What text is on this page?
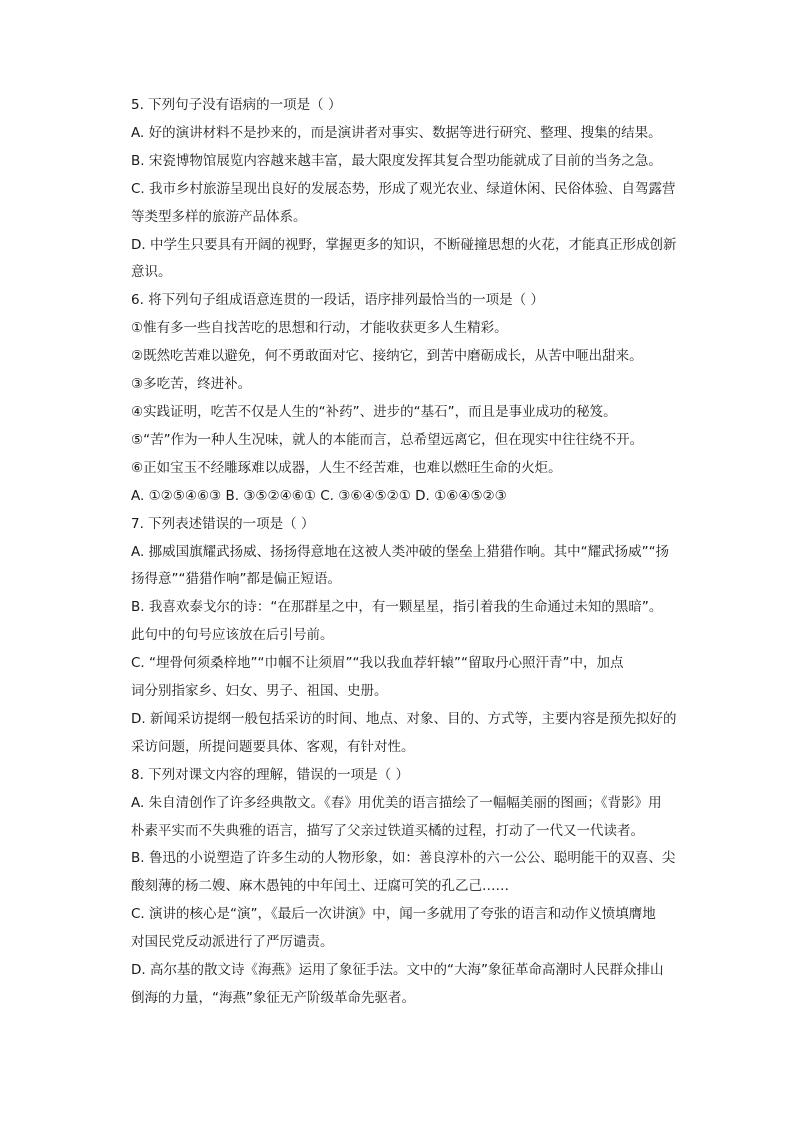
5. 下列句子没有语病的一项是（ ）
A. 好的演讲材料不是抄来的，而是演讲者对事实、数据等进行研究、整理、搜集的结果。
B. 宋瓷博物馆展览内容越来越丰富，最大限度发挥其复合型功能就成了目前的当务之急。
C. 我市乡村旅游呈现出良好的发展态势，形成了观光农业、绿道休闲、民俗体验、自驾露营
等类型多样的旅游产品体系。
D. 中学生只要具有开阔的视野，掌握更多的知识，不断碰撞思想的火花，才能真正形成创新
意识。
6. 将下列句子组成语意连贯的一段话，语序排列最恰当的一项是（ ）
①惟有多一些自找苦吃的思想和行动，才能收获更多人生精彩。
②既然吃苦难以避免，何不勇敢面对它、接纳它，到苦中磨砺成长，从苦中咂出甜来。
③多吃苦，终进补。
④实践证明，吃苦不仅是人生的“补药”、进步的“基石”，而且是事业成功的秘笈。
⑤“苦”作为一种人生况味，就人的本能而言，总希望远离它，但在现实中往往绕不开。
⑥正如宝玉不经雕琢难以成器，人生不经苦难，也难以燃旺生命的火炬。
A. ①②⑤④⑥③ B. ③⑤②④⑥① C. ③⑥④⑤②① D. ①⑥④⑤②③
7. 下列表述错误的一项是（ ）
A. 挪威国旗耀武扬威、扬扬得意地在这被人类冲破的堡垒上猎猎作响。其中“耀武扬威”“扬
扬得意”“猎猎作响”都是偏正短语。
B. 我喜欢泰戈尔的诗：“在那群星之中，有一颗星星，指引着我的生命通过未知的黑暗”。
此句中的句号应该放在后引号前。
C. “埋骨何须桑梓地”“巾帼不让须眉”“我以我血荐轩辕”“留取丹心照汗青”中，加点
词分别指家乡、妇女、男子、祖国、史册。
D. 新闻采访提纲一般包括采访的时间、地点、对象、目的、方式等，主要内容是预先拟好的
采访问题，所提问题要具体、客观，有针对性。
8. 下列对课文内容的理解，错误的一项是（ ）
A. 朱自清创作了许多经典散文。《春》用优美的语言描绘了一幅幅美丽的图画；《背影》用
朴素平实而不失典雅的语言，描写了父亲过铁道买橘的过程，打动了一代又一代读者。
B. 鲁迅的小说塑造了许多生动的人物形象，如：善良淳朴的六一公公、聪明能干的双喜、尖
酸刻薄的杨二嫂、麻木愚钝的中年闰土、迂腐可笑的孔乙己……
C. 演讲的核心是“演”，《最后一次讲演》中，闻一多就用了夸张的语言和动作义愤填膺地
对国民党反动派进行了严厉谴责。
D. 高尔基的散文诗《海燕》运用了象征手法。文中的“大海”象征革命高潮时人民群众排山
倒海的力量，“海燕”象征无产阶级革命先驱者。
